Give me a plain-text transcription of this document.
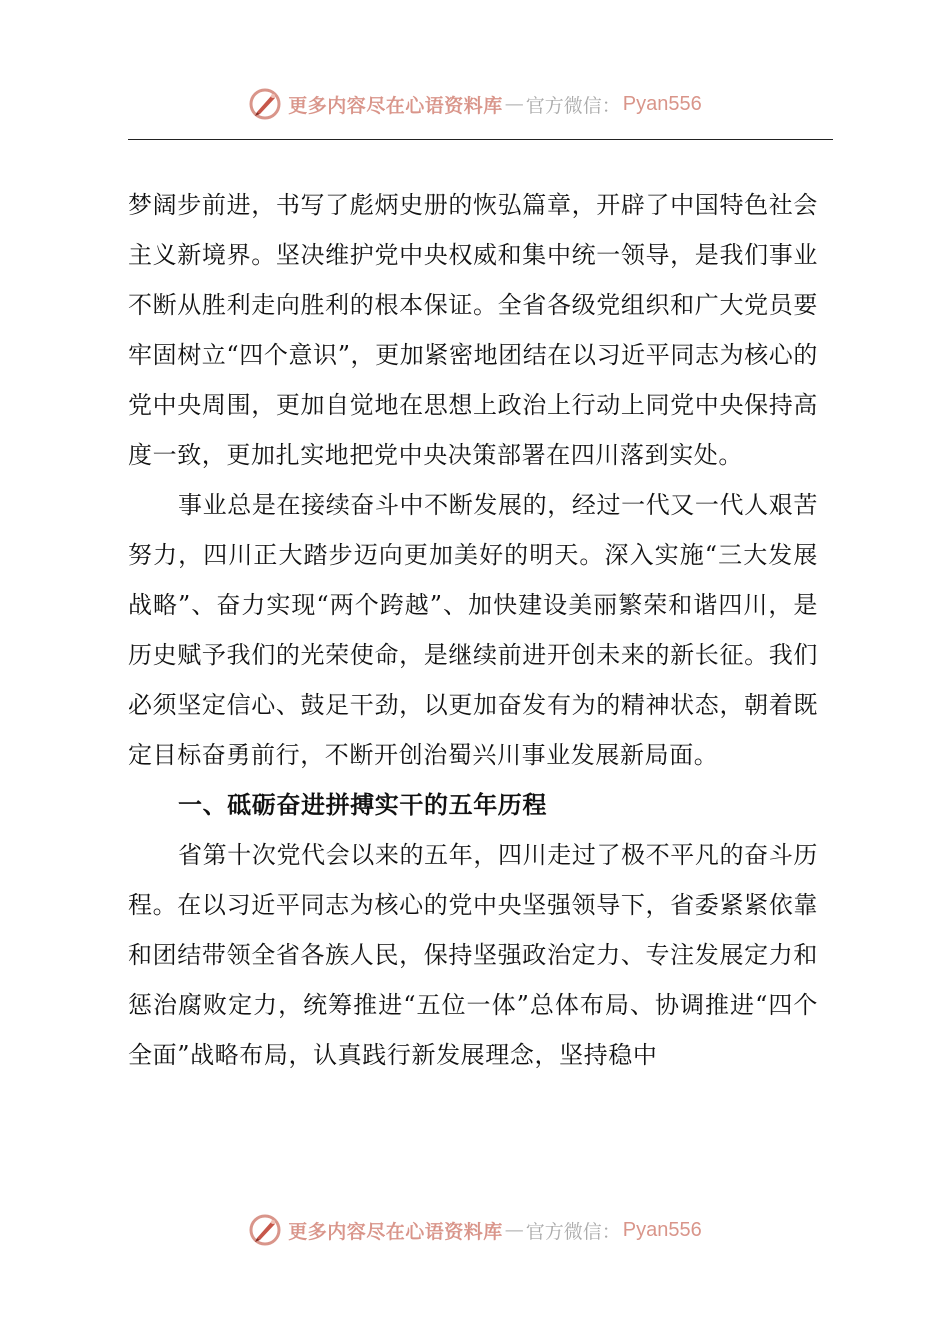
更多内容尽在心语资料库 — 官方微信： Pyan556

梦阔步前进，书写了彪炳史册的恢弘篇章，开辟了中国特色社会主义新境界。坚决维护党中央权威和集中统一领导，是我们事业不断从胜利走向胜利的根本保证。全省各级党组织和广大党员要牢固树立“四个意识”，更加紧密地团结在以习近平同志为核心的党中央周围，更加自觉地在思想上政治上行动上同党中央保持高度一致，更加扎实地把党中央决策部署在四川落到实处。

事业总是在接续奋斗中不断发展的，经过一代又一代人艰苦努力，四川正大踏步迈向更加美好的明天。深入实施“三大发展战略”、奋力实现“两个跨越”、加快建设美丽繁荣和谐四川，是历史赋予我们的光荣使命，是继续前进开创未来的新长征。我们必须坚定信心、鼓足干劲，以更加奋发有为的精神状态，朝着既定目标奋勇前行，不断开创治蜀兴川事业发展新局面。

一、砥砺奋进拼搏实干的五年历程

省第十次党代会以来的五年，四川走过了极不平凡的奋斗历程。在以习近平同志为核心的党中央坚强领导下，省委紧紧依靠和团结带领全省各族人民，保持坚强政治定力、专注发展定力和惩治腐败定力，统筹推进“五位一体”总体布局、协调推进“四个全面”战略布局，认真践行新发展理念，坚持稳中

更多内容尽在心语资料库 — 官方微信： Pyan556
